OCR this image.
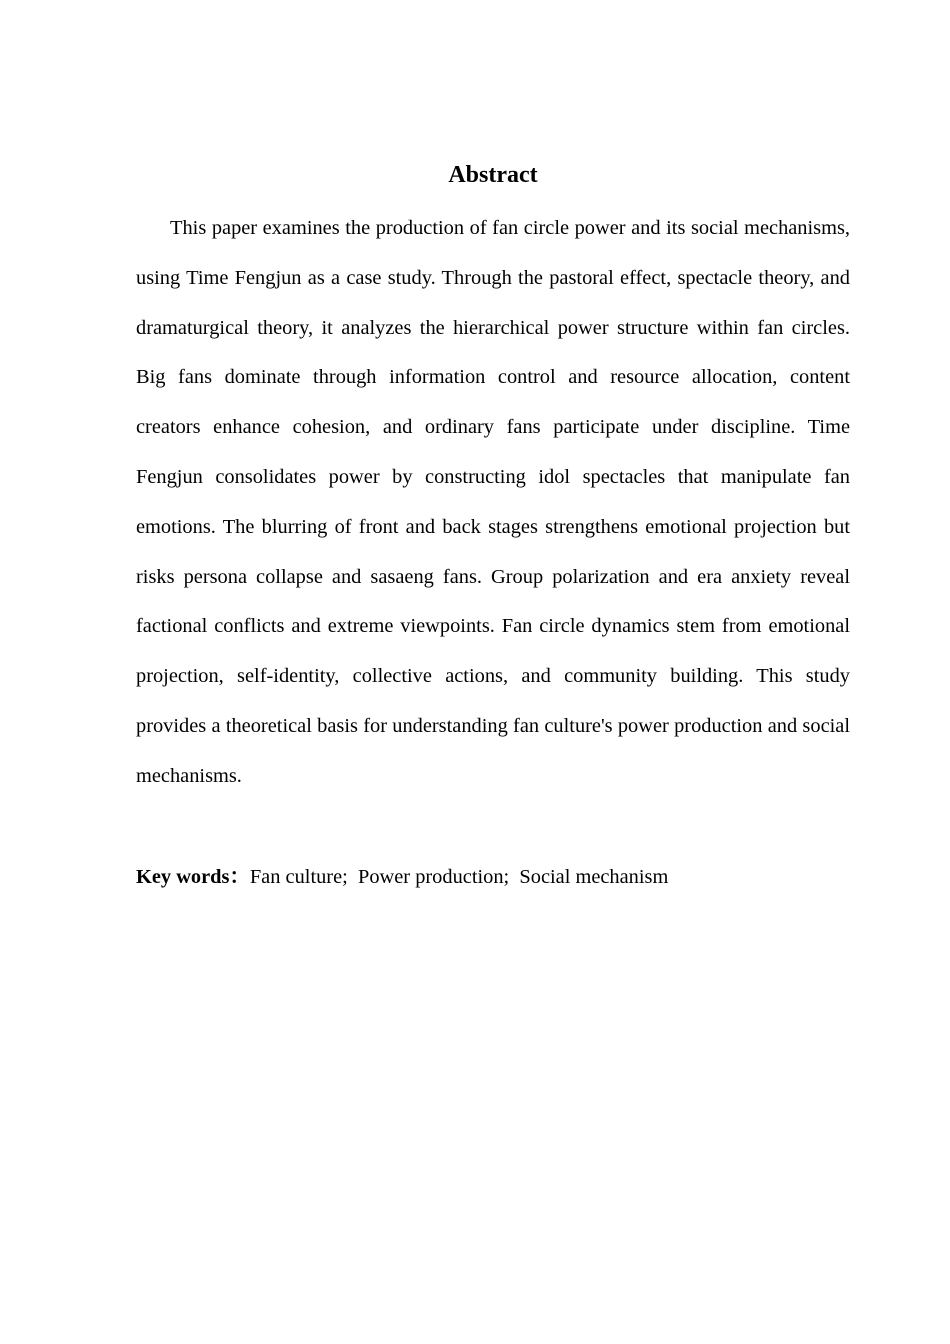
Abstract

This paper examines the production of fan circle power and its social mechanisms, using Time Fengjun as a case study. Through the pastoral effect, spectacle theory, and dramaturgical theory, it analyzes the hierarchical power structure within fan circles. Big fans dominate through information control and resource allocation, content creators enhance cohesion, and ordinary fans participate under discipline. Time Fengjun consolidates power by constructing idol spectacles that manipulate fan emotions. The blurring of front and back stages strengthens emotional projection but risks persona collapse and sasaeng fans. Group polarization and era anxiety reveal factional conflicts and extreme viewpoints. Fan circle dynamics stem from emotional projection, self-identity, collective actions, and community building. This study provides a theoretical basis for understanding fan culture's power production and social mechanisms.

Key words：Fan culture;  Power production;  Social mechanism
